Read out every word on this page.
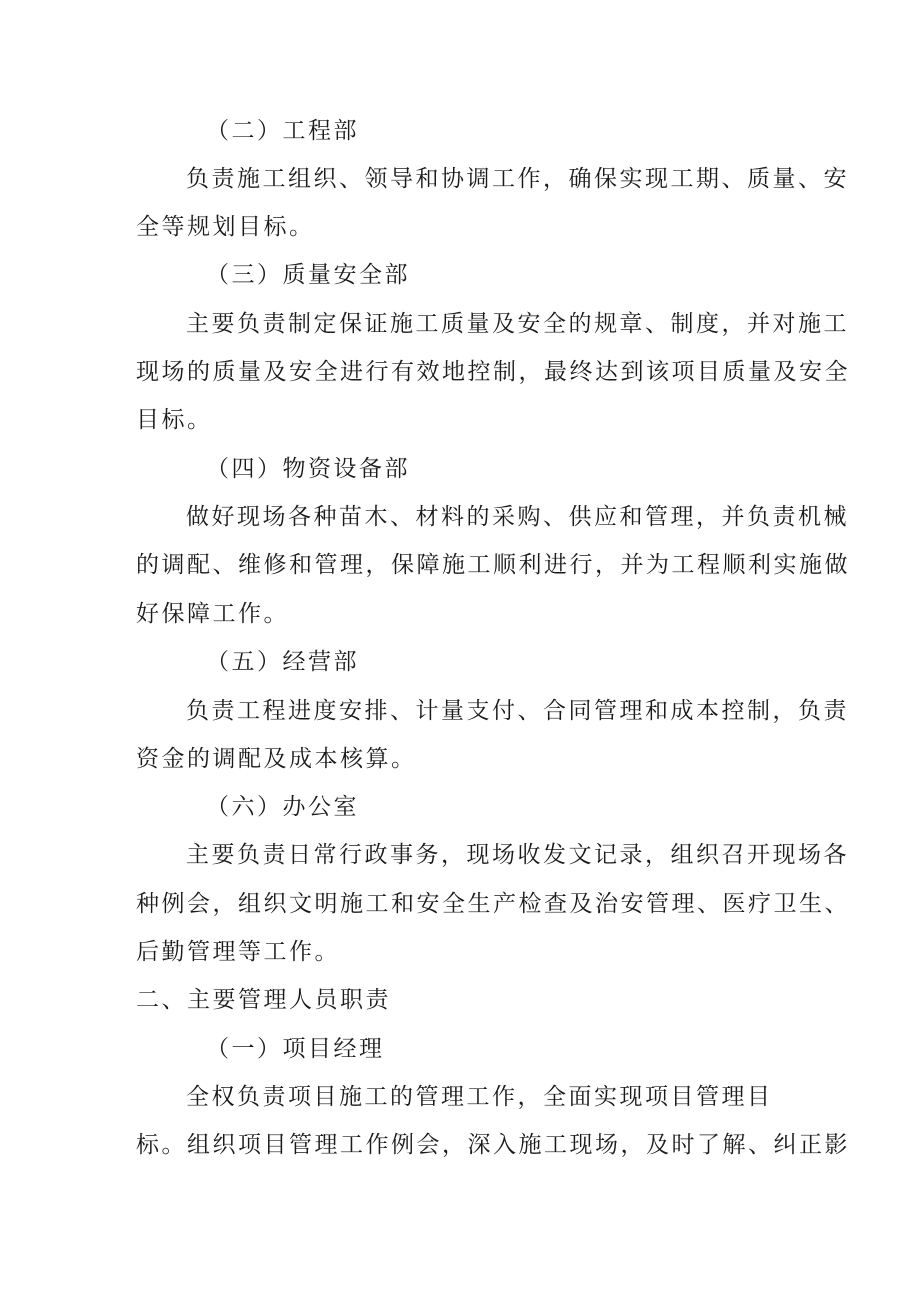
（二）工程部

负责施工组织、领导和协调工作，确保实现工期、质量、安

全等规划目标。

（三）质量安全部

主要负责制定保证施工质量及安全的规章、制度，并对施工

现场的质量及安全进行有效地控制，最终达到该项目质量及安全

目标。

（四）物资设备部

做好现场各种苗木、材料的采购、供应和管理，并负责机械

的调配、维修和管理，保障施工顺利进行，并为工程顺利实施做

好保障工作。

（五）经营部

负责工程进度安排、计量支付、合同管理和成本控制，负责

资金的调配及成本核算。

（六）办公室

主要负责日常行政事务，现场收发文记录，组织召开现场各

种例会，组织文明施工和安全生产检查及治安管理、医疗卫生、

后勤管理等工作。

二、主要管理人员职责

（一）项目经理

全权负责项目施工的管理工作，全面实现项目管理目

标。组织项目管理工作例会，深入施工现场，及时了解、纠正影
